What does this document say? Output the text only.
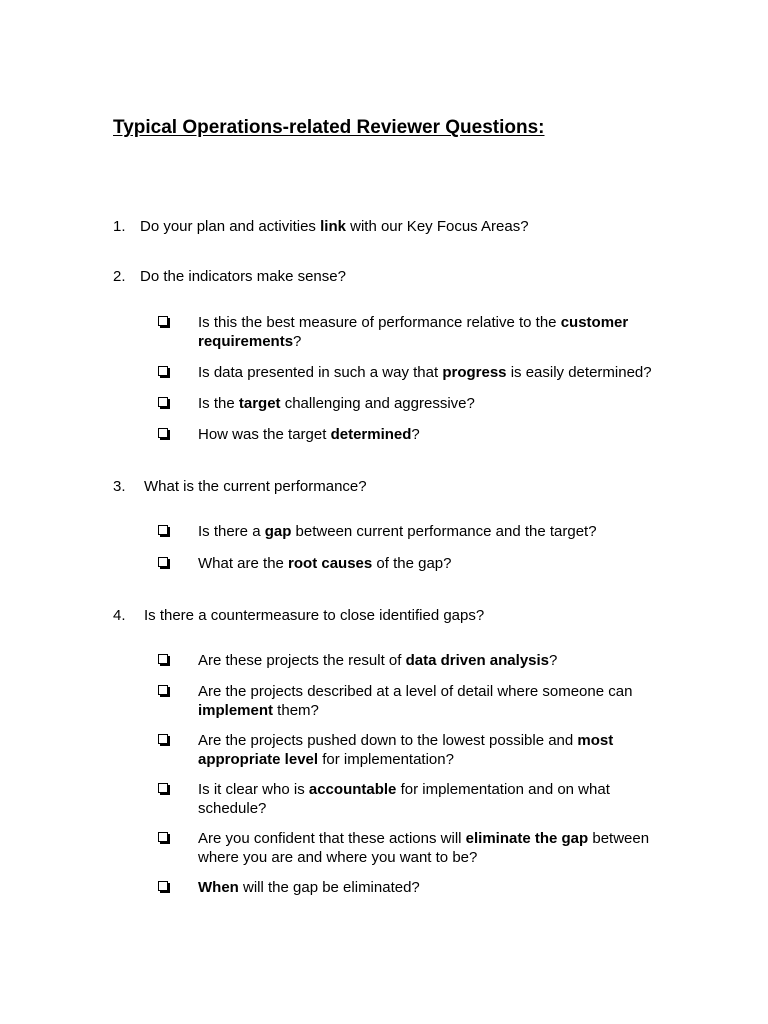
Typical Operations-related Reviewer Questions:
1. Do your plan and activities link with our Key Focus Areas?
2. Do the indicators make sense?
Is this the best measure of performance relative to the customer requirements?
Is data presented in such a way that progress is easily determined?
Is the target challenging and aggressive?
How was the target determined?
3. What is the current performance?
Is there a gap between current performance and the target?
What are the root causes of the gap?
4. Is there a countermeasure to close identified gaps?
Are these projects the result of data driven analysis?
Are the projects described at a level of detail where someone can implement them?
Are the projects pushed down to the lowest possible and most appropriate level for implementation?
Is it clear who is accountable for implementation and on what schedule?
Are you confident that these actions will eliminate the gap between where you are and where you want to be?
When will the gap be eliminated?
